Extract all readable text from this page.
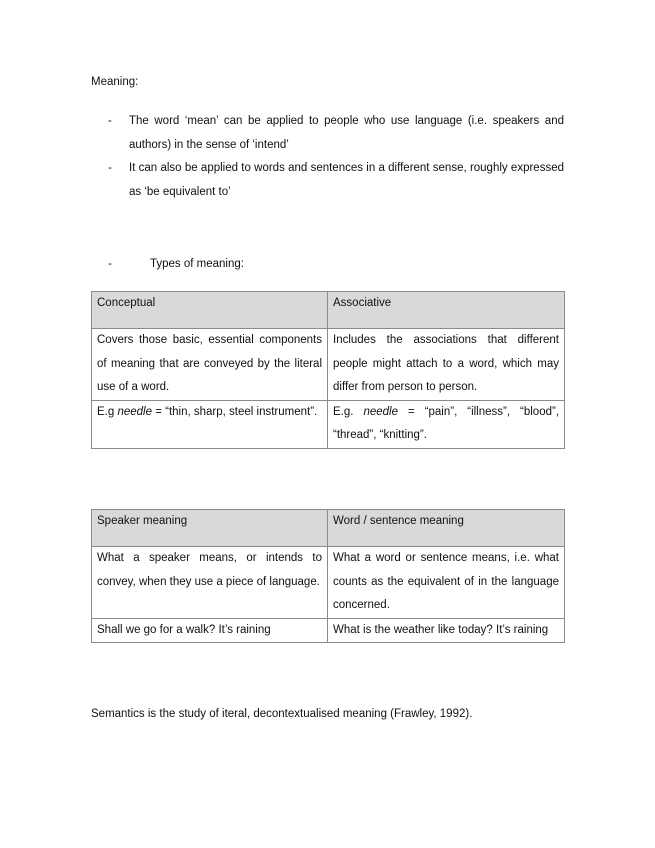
Meaning:
- The word ‘mean’ can be applied to people who use language (i.e. speakers and authors) in the sense of ‘intend’
- It can also be applied to words and sentences in a different sense, roughly expressed as ‘be equivalent to’
-	Types of meaning:
Conceptual	Associative
Covers those basic, essential components of meaning that are conveyed by the literal use of a word.	Includes the associations that different people might attach to a word, which may differ from person to person.
E.g needle = “thin, sharp, steel instrument”.	E.g. needle = “pain”, “illness”, “blood”, “thread”, “knitting”.
Speaker meaning	Word / sentence meaning
What a speaker means, or intends to convey, when they use a piece of language.	What a word or sentence means, i.e. what counts as the equivalent of in the language concerned.
Shall we go for a walk? It’s raining	What is the weather like today? It’s raining
Semantics is the study of iteral, decontextualised meaning (Frawley, 1992).
